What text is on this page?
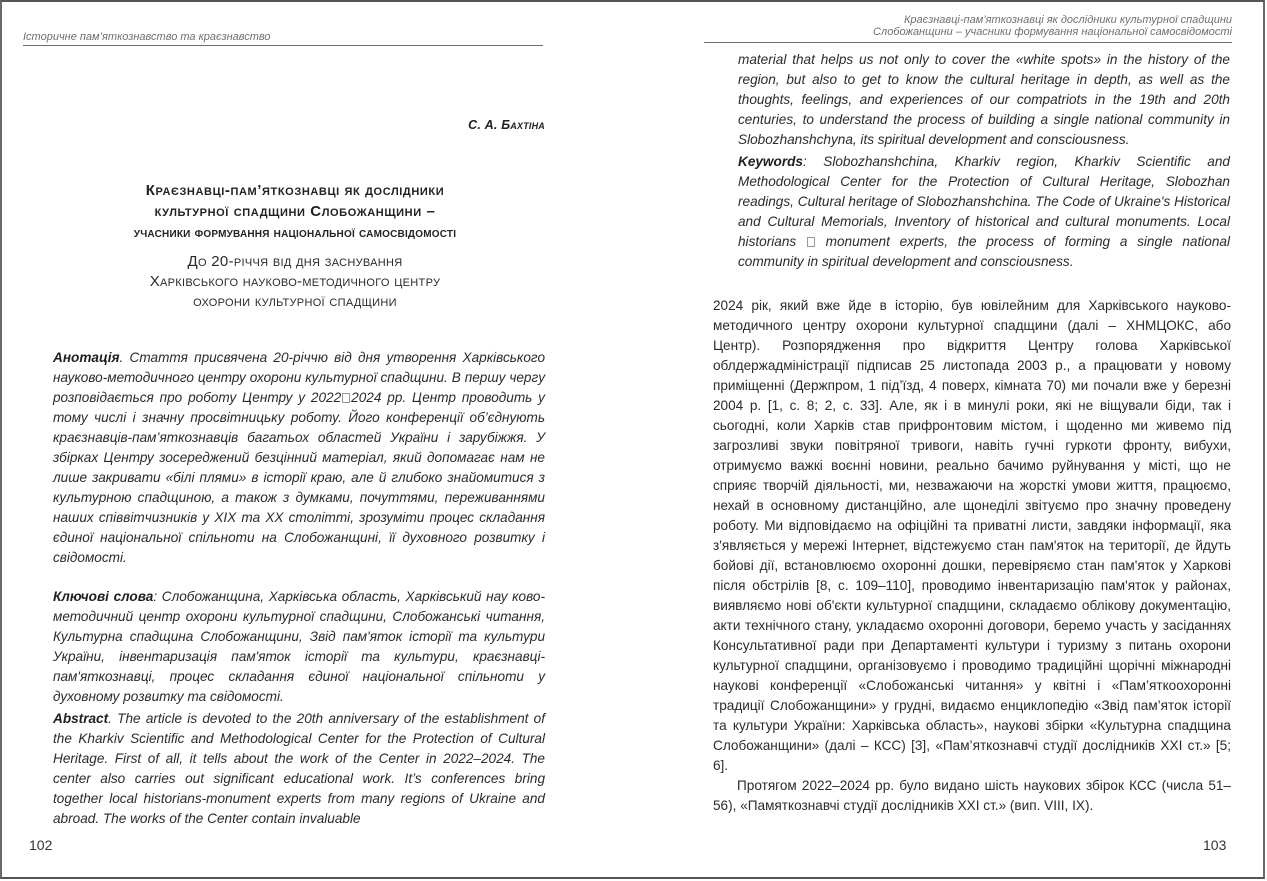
Історичне пам’яткознавство та краєзнавство
С. А. Бахтіна
Краєзнавці-пам’яткознавці як дослідники
культурної спадщини Слобожанщини –
учасники формування національної самосвідомості
До 20-річчя від дня заснування
Харківського науково-методичного центру
охорони культурної спадщини
Анотація. Стаття присвячена 20-річчю від дня утворення Харківського науково-методичного центру охорони культурної спадщини. В першу чергу розповідається про роботу Центру у 2022 2024 рр. Центр проводить у тому числі і значну просвітницьку роботу. Його конференції об’єднують краєзнавців-пам’яткознавців багатьох областей України і зарубіжжя. У збірках Центру зосереджений безцінний матеріал, який допомагає нам не лише закривати «білі плями» в історії краю, але й глибоко знайомитися з культурною спадщиною, а також з думками, почуттями, переживаннями наших співвітчизників у XIX та XX столітті, зрозуміти процес складання єдиної національної спільноти на Слобожанщині, її духовного розвитку і свідомості.
Ключові слова: Слобожанщина, Харківська область, Харківський нау ково-методичний центр охорони культурної спадщини, Слобожанські читання, Культурна спадщина Слобожанщини, Звід пам'яток історії та культури України, інвентаризація пам'яток історії та культури, краєзнавці-пам'яткознавці, процес складання єдиної національної спільноти у духовному розвитку та свідомості.
Abstract. The article is devoted to the 20th anniversary of the establishment of the Kharkiv Scientific and Methodological Center for the Protection of Cultural Heritage. First of all, it tells about the work of the Center in 2022–2024. The center also carries out significant educational work. It’s conferences bring together local historians-monument experts from many regions of Ukraine and abroad. The works of the Center contain invaluable
102
Краєзнавці-пам’яткознавці як дослідники культурної спадщини
Слобожанщини – учасники формування національної самосвідомості
material that helps us not only to cover the «white spots» in the history of the region, but also to get to know the cultural heritage in depth, as well as the thoughts, feelings, and experiences of our compatriots in the 19th and 20th centuries, to understand the process of building a single national community in Slobozhanshchyna, its spiritual development and consciousness.
Keywords: Slobozhanshchina, Kharkiv region, Kharkiv Scientific and Methodological Center for the Protection of Cultural Heritage, Slobozhan readings, Cultural heritage of Slobozhanshchina. The Code of Ukraine's Historical and Cultural Memorials, Inventory of historical and cultural monuments. Local historians  monument experts, the process of forming a single national community in spiritual development and consciousness.
2024 рік, який вже йде в історію, був ювілейним для Харківського науково-методичного центру охорони культурної спадщини (далі – ХНМЦОКС, або Центр). Розпорядження про відкриття Центру голова Харківської облдержадміністрації підписав 25 листопада 2003 р., а працювати у новому приміщенні (Держпром, 1 під’їзд, 4 поверх, кімната 70) ми почали вже у березні 2004 р. [1, с. 8; 2, с. 33]. Але, як і в минулі роки, які не віщували біди, так і сьогодні, коли Харків став прифронтовим містом, і щоденно ми живемо під загрозливі звуки повітряної тривоги, навіть гучні гуркоти фронту, вибухи, отримуємо важкі воєнні новини, реально бачимо руйнування у місті, що не сприяє творчій діяльності, ми, незважаючи на жорсткі умови життя, працюємо, нехай в основному дистанційно, але щонеділі звітуємо про значну проведену роботу. Ми відповідаємо на офіційні та приватні листи, завдяки інформації, яка з'являється у мережі Інтернет, відстежуємо стан пам'яток на території, де йдуть бойові дії, встановлюємо охоронні дошки, перевіряємо стан пам'яток у Харкові після обстрілів [8, с. 109–110], проводимо інвентаризацію пам'яток у районах, виявляємо нові об'єкти культурної спадщини, складаємо облікову документацію, акти технічного стану, укладаємо охоронні договори, беремо участь у засіданнях Консультативної ради при Департаменті культури і туризму з питань охорони культурної спадщини, організовуємо і проводимо традиційні щорічні міжнародні наукові конференції «Слобожанські читання» у квітні і «Пам’яткоохоронні традиції Слобожанщини» у грудні, видаємо енциклопедію «Звід пам’яток історії та культури України: Харківська область», наукові збірки «Культурна спадщина Слобожанщини» (далі – КСС) [3], «Пам’яткознавчі студії дослідників XXI ст.» [5; 6].
Протягом 2022–2024 рр. було видано шість наукових збірок КСС (числа 51–56), «Памяткознавчі студії дослідників XXI ст.» (вип. VIII, IX).
103
